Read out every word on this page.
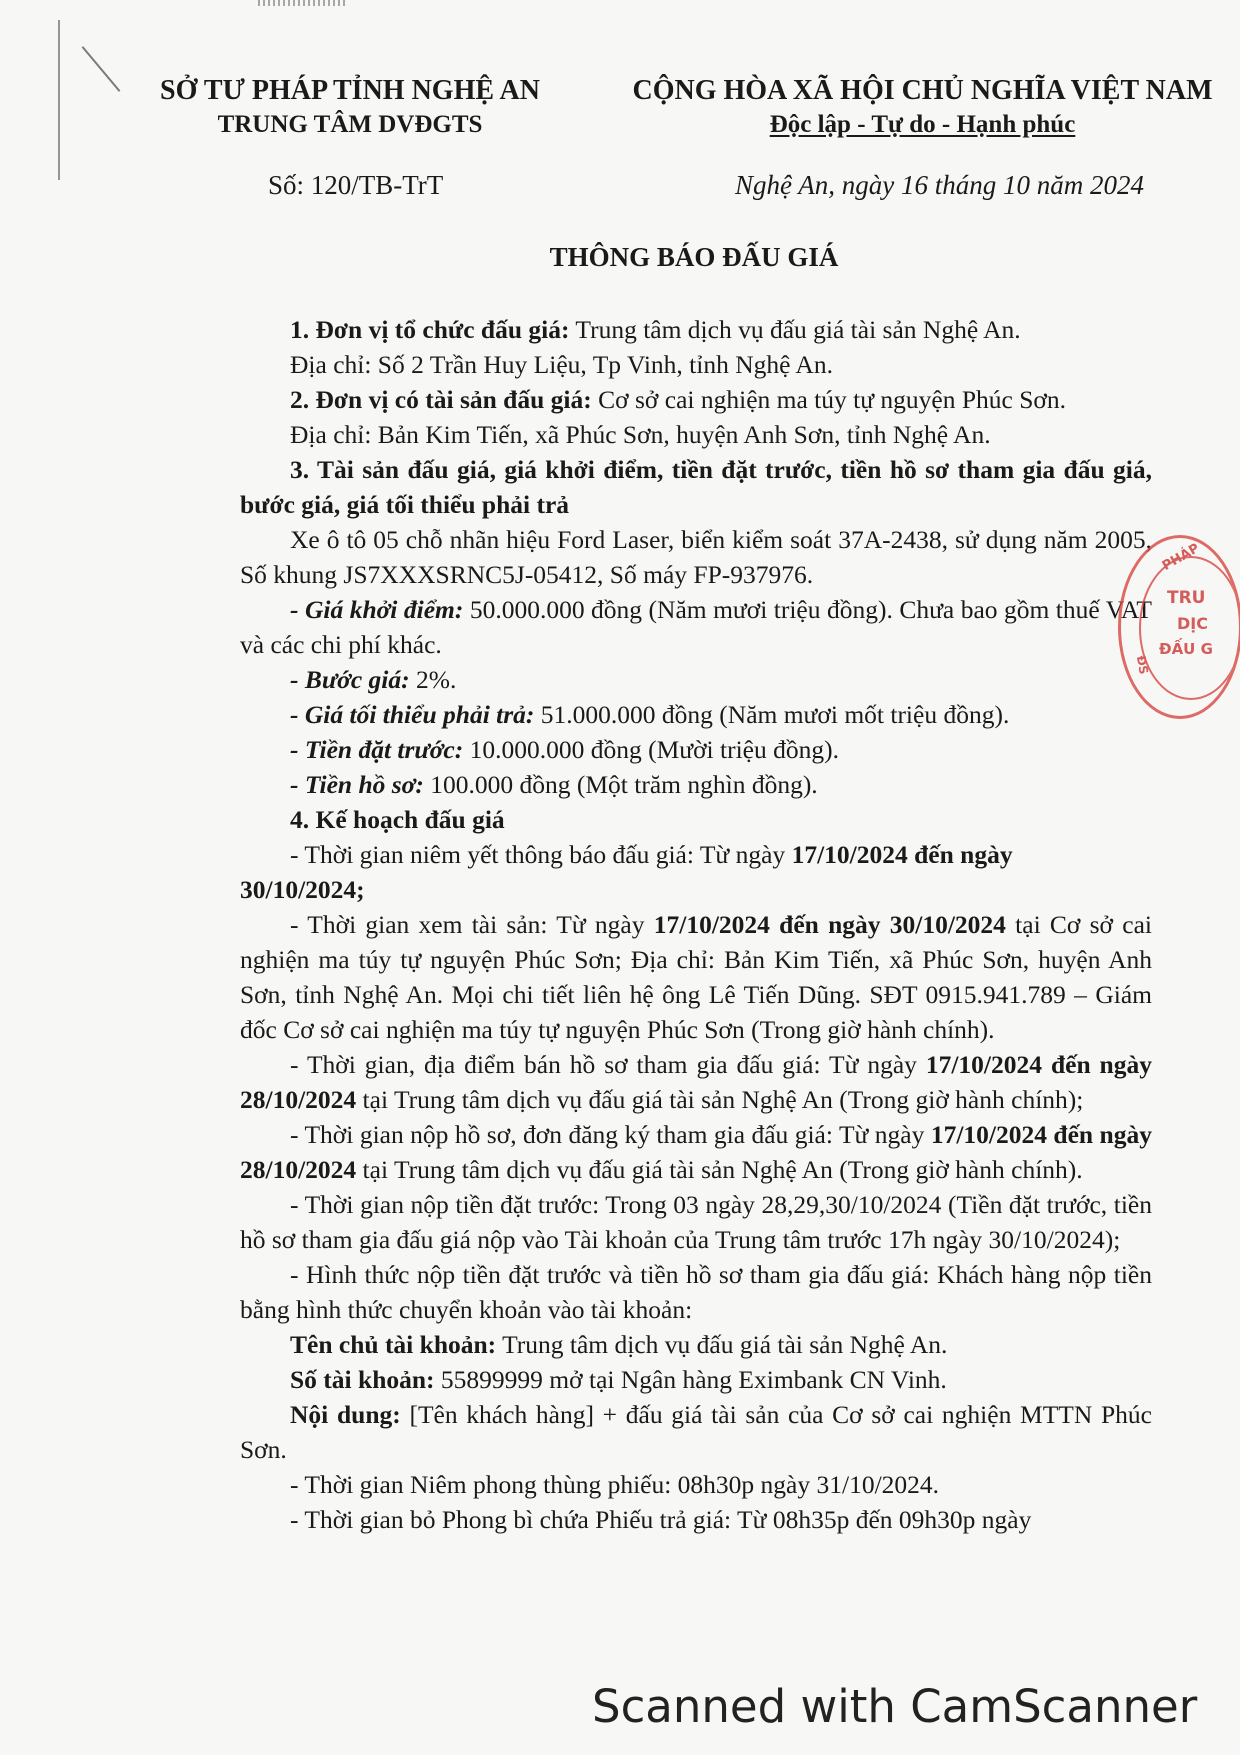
SỞ TƯ PHÁP TỈNH NGHỆ AN
TRUNG TÂM DVĐGTS
CỘNG HÒA XÃ HỘI CHỦ NGHĨA VIỆT NAM
Độc lập - Tự do - Hạnh phúc
Số: 120/TB-TrT	Nghệ An, ngày 16 tháng 10 năm 2024
THÔNG BÁO ĐẤU GIÁ

1. Đơn vị tổ chức đấu giá: Trung tâm dịch vụ đấu giá tài sản Nghệ An.

Địa chỉ: Số 2 Trần Huy Liệu, Tp Vinh, tỉnh Nghệ An.

2. Đơn vị có tài sản đấu giá: Cơ sở cai nghiện ma túy tự nguyện Phúc Sơn.

Địa chỉ: Bản Kim Tiến, xã Phúc Sơn, huyện Anh Sơn, tỉnh Nghệ An.

3. Tài sản đấu giá, giá khởi điểm, tiền đặt trước, tiền hồ sơ tham gia đấu giá, bước giá, giá tối thiểu phải trả

Xe ô tô 05 chỗ nhãn hiệu Ford Laser, biển kiểm soát 37A-2438, sử dụng năm 2005, Số khung JS7XXXSRNC5J-05412, Số máy FP-937976.

- Giá khởi điểm: 50.000.000 đồng (Năm mươi triệu đồng). Chưa bao gồm thuế VAT và các chi phí khác.

- Bước giá: 2%.

- Giá tối thiểu phải trả: 51.000.000 đồng (Năm mươi mốt triệu đồng).

- Tiền đặt trước: 10.000.000 đồng (Mười triệu đồng).

- Tiền hồ sơ: 100.000 đồng (Một trăm nghìn đồng).

4. Kế hoạch đấu giá

- Thời gian niêm yết thông báo đấu giá: Từ ngày 17/10/2024 đến ngày
30/10/2024;

- Thời gian xem tài sản: Từ ngày 17/10/2024 đến ngày 30/10/2024 tại Cơ sở cai nghiện ma túy tự nguyện Phúc Sơn; Địa chỉ: Bản Kim Tiến, xã Phúc Sơn, huyện Anh Sơn, tỉnh Nghệ An. Mọi chi tiết liên hệ ông Lê Tiến Dũng. SĐT 0915.941.789 – Giám đốc Cơ sở cai nghiện ma túy tự nguyện Phúc Sơn (Trong giờ hành chính).

- Thời gian, địa điểm bán hồ sơ tham gia đấu giá: Từ ngày 17/10/2024 đến ngày 28/10/2024 tại Trung tâm dịch vụ đấu giá tài sản Nghệ An (Trong giờ hành chính);

- Thời gian nộp hồ sơ, đơn đăng ký tham gia đấu giá: Từ ngày 17/10/2024 đến ngày 28/10/2024 tại Trung tâm dịch vụ đấu giá tài sản Nghệ An (Trong giờ hành chính).

- Thời gian nộp tiền đặt trước: Trong 03 ngày 28,29,30/10/2024 (Tiền đặt trước, tiền hồ sơ tham gia đấu giá nộp vào Tài khoản của Trung tâm trước 17h ngày 30/10/2024);

- Hình thức nộp tiền đặt trước và tiền hồ sơ tham gia đấu giá: Khách hàng nộp tiền bằng hình thức chuyển khoản vào tài khoản:

Tên chủ tài khoản: Trung tâm dịch vụ đấu giá tài sản Nghệ An.

Số tài khoản: 55899999 mở tại Ngân hàng Eximbank CN Vinh.

Nội dung: [Tên khách hàng] + đấu giá tài sản của Cơ sở cai nghiện MTTN Phúc Sơn.

- Thời gian Niêm phong thùng phiếu: 08h30p ngày 31/10/2024.

- Thời gian bỏ Phong bì chứa Phiếu trả giá: Từ 08h35p đến 09h30p ngày

PHÁP
TRU
DỊC
ĐẤU G
ĐS
Scanned with CamScanner
